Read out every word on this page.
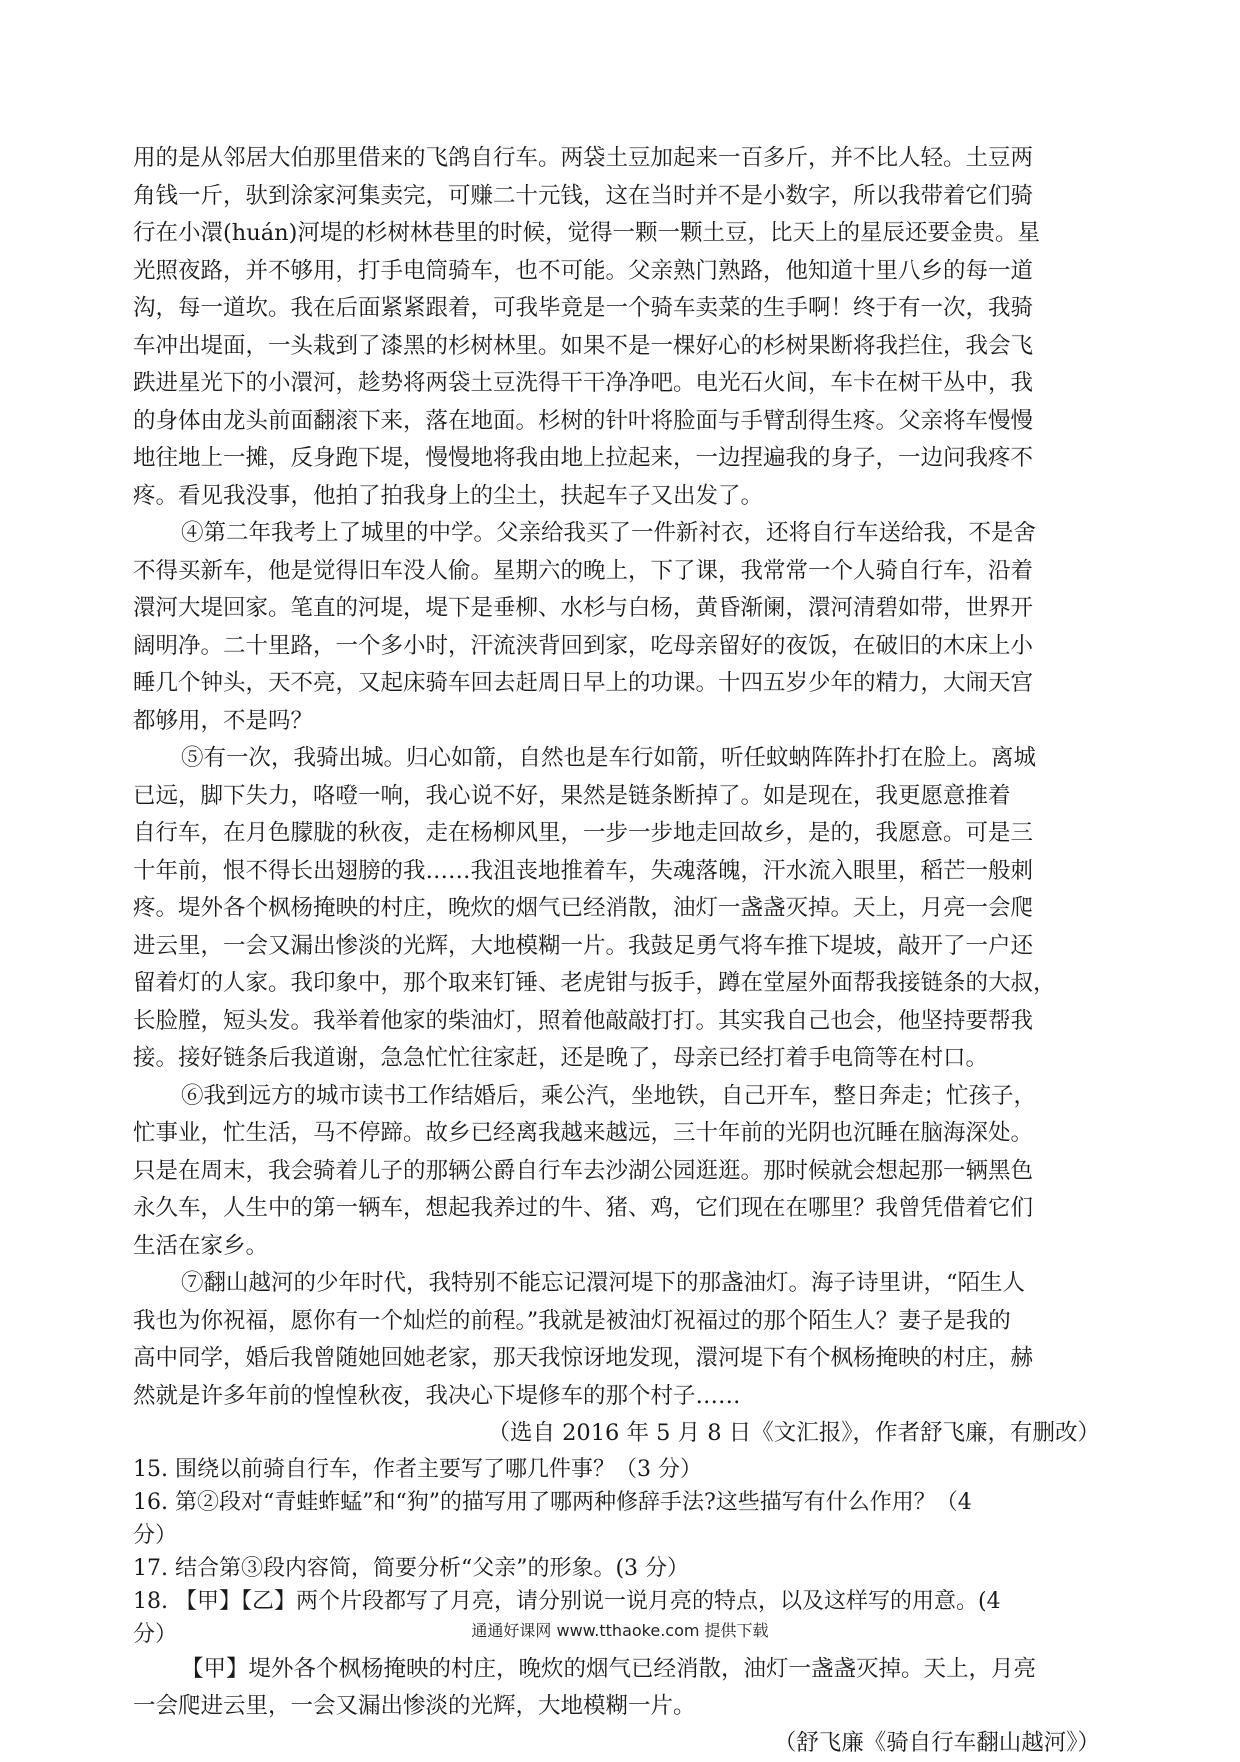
用的是从邻居大伯那里借来的飞鸽自行车。两袋土豆加起来一百多斤，并不比人轻。土豆两
角钱一斤，驮到涂家河集卖完，可赚二十元钱，这在当时并不是小数字，所以我带着它们骑
行在小澴(huán)河堤的杉树林巷里的时候，觉得一颗一颗土豆，比天上的星辰还要金贵。星
光照夜路，并不够用，打手电筒骑车，也不可能。父亲熟门熟路，他知道十里八乡的每一道
沟，每一道坎。我在后面紧紧跟着，可我毕竟是一个骑车卖菜的生手啊！终于有一次，我骑
车冲出堤面，一头栽到了漆黑的杉树林里。如果不是一棵好心的杉树果断将我拦住，我会飞
跌进星光下的小澴河，趁势将两袋土豆洗得干干净净吧。电光石火间，车卡在树干丛中，我
的身体由龙头前面翻滚下来，落在地面。杉树的针叶将脸面与手臂刮得生疼。父亲将车慢慢
地往地上一摊，反身跑下堤，慢慢地将我由地上拉起来，一边捏遍我的身子，一边问我疼不
疼。看见我没事，他拍了拍我身上的尘土，扶起车子又出发了。
④第二年我考上了城里的中学。父亲给我买了一件新衬衣，还将自行车送给我，不是舍
不得买新车，他是觉得旧车没人偷。星期六的晚上，下了课，我常常一个人骑自行车，沿着
澴河大堤回家。笔直的河堤，堤下是垂柳、水杉与白杨，黄昏渐阑，澴河清碧如带，世界开
阔明净。二十里路，一个多小时，汗流浃背回到家，吃母亲留好的夜饭，在破旧的木床上小
睡几个钟头，天不亮，又起床骑车回去赶周日早上的功课。十四五岁少年的精力，大闹天宫
都够用，不是吗？
⑤有一次，我骑出城。归心如箭，自然也是车行如箭，听任蚊蚋阵阵扑打在脸上。离城
已远，脚下失力，咯噔一响，我心说不好，果然是链条断掉了。如是现在，我更愿意推着
自行车，在月色朦胧的秋夜，走在杨柳风里，一步一步地走回故乡，是的，我愿意。可是三
十年前，恨不得长出翅膀的我……我沮丧地推着车，失魂落魄，汗水流入眼里，稻芒一般刺
疼。堤外各个枫杨掩映的村庄，晚炊的烟气已经消散，油灯一盏盏灭掉。天上，月亮一会爬
进云里，一会又漏出惨淡的光辉，大地模糊一片。我鼓足勇气将车推下堤坡，敲开了一户还
留着灯的人家。我印象中，那个取来钉锤、老虎钳与扳手，蹲在堂屋外面帮我接链条的大叔，
长脸膛，短头发。我举着他家的柴油灯，照着他敲敲打打。其实我自己也会，他坚持要帮我
接。接好链条后我道谢，急急忙忙往家赶，还是晚了，母亲已经打着手电筒等在村口。
⑥我到远方的城市读书工作结婚后，乘公汽，坐地铁，自己开车，整日奔走；忙孩子，
忙事业，忙生活，马不停蹄。故乡已经离我越来越远，三十年前的光阴也沉睡在脑海深处。
只是在周末，我会骑着儿子的那辆公爵自行车去沙湖公园逛逛。那时候就会想起那一辆黑色
永久车，人生中的第一辆车，想起我养过的牛、猪、鸡，它们现在在哪里？我曾凭借着它们
生活在家乡。
⑦翻山越河的少年时代，我特别不能忘记澴河堤下的那盏油灯。海子诗里讲，“陌生人
我也为你祝福，愿你有一个灿烂的前程。”我就是被油灯祝福过的那个陌生人？妻子是我的
高中同学，婚后我曾随她回她老家，那天我惊讶地发现，澴河堤下有个枫杨掩映的村庄，赫
然就是许多年前的惶惶秋夜，我决心下堤修车的那个村子……
（选自 2016 年 5 月 8 日《文汇报》，作者舒飞廉，有删改）
15. 围绕以前骑自行车，作者主要写了哪几件事？（3 分）
16. 第②段对“青蛙蚱蜢”和“狗”的描写用了哪两种修辞手法?这些描写有什么作用？（4
分）
17. 结合第③段内容简，简要分析“父亲”的形象。(3 分）
18. 【甲】【乙】两个片段都写了月亮，请分别说一说月亮的特点，以及这样写的用意。(4
分）
【甲】堤外各个枫杨掩映的村庄，晚炊的烟气已经消散，油灯一盏盏灭掉。天上，月亮
一会爬进云里，一会又漏出惨淡的光辉，大地模糊一片。
（舒飞廉《骑自行车翻山越河》）
通通好课网 www.tthaoke.com 提供下载
